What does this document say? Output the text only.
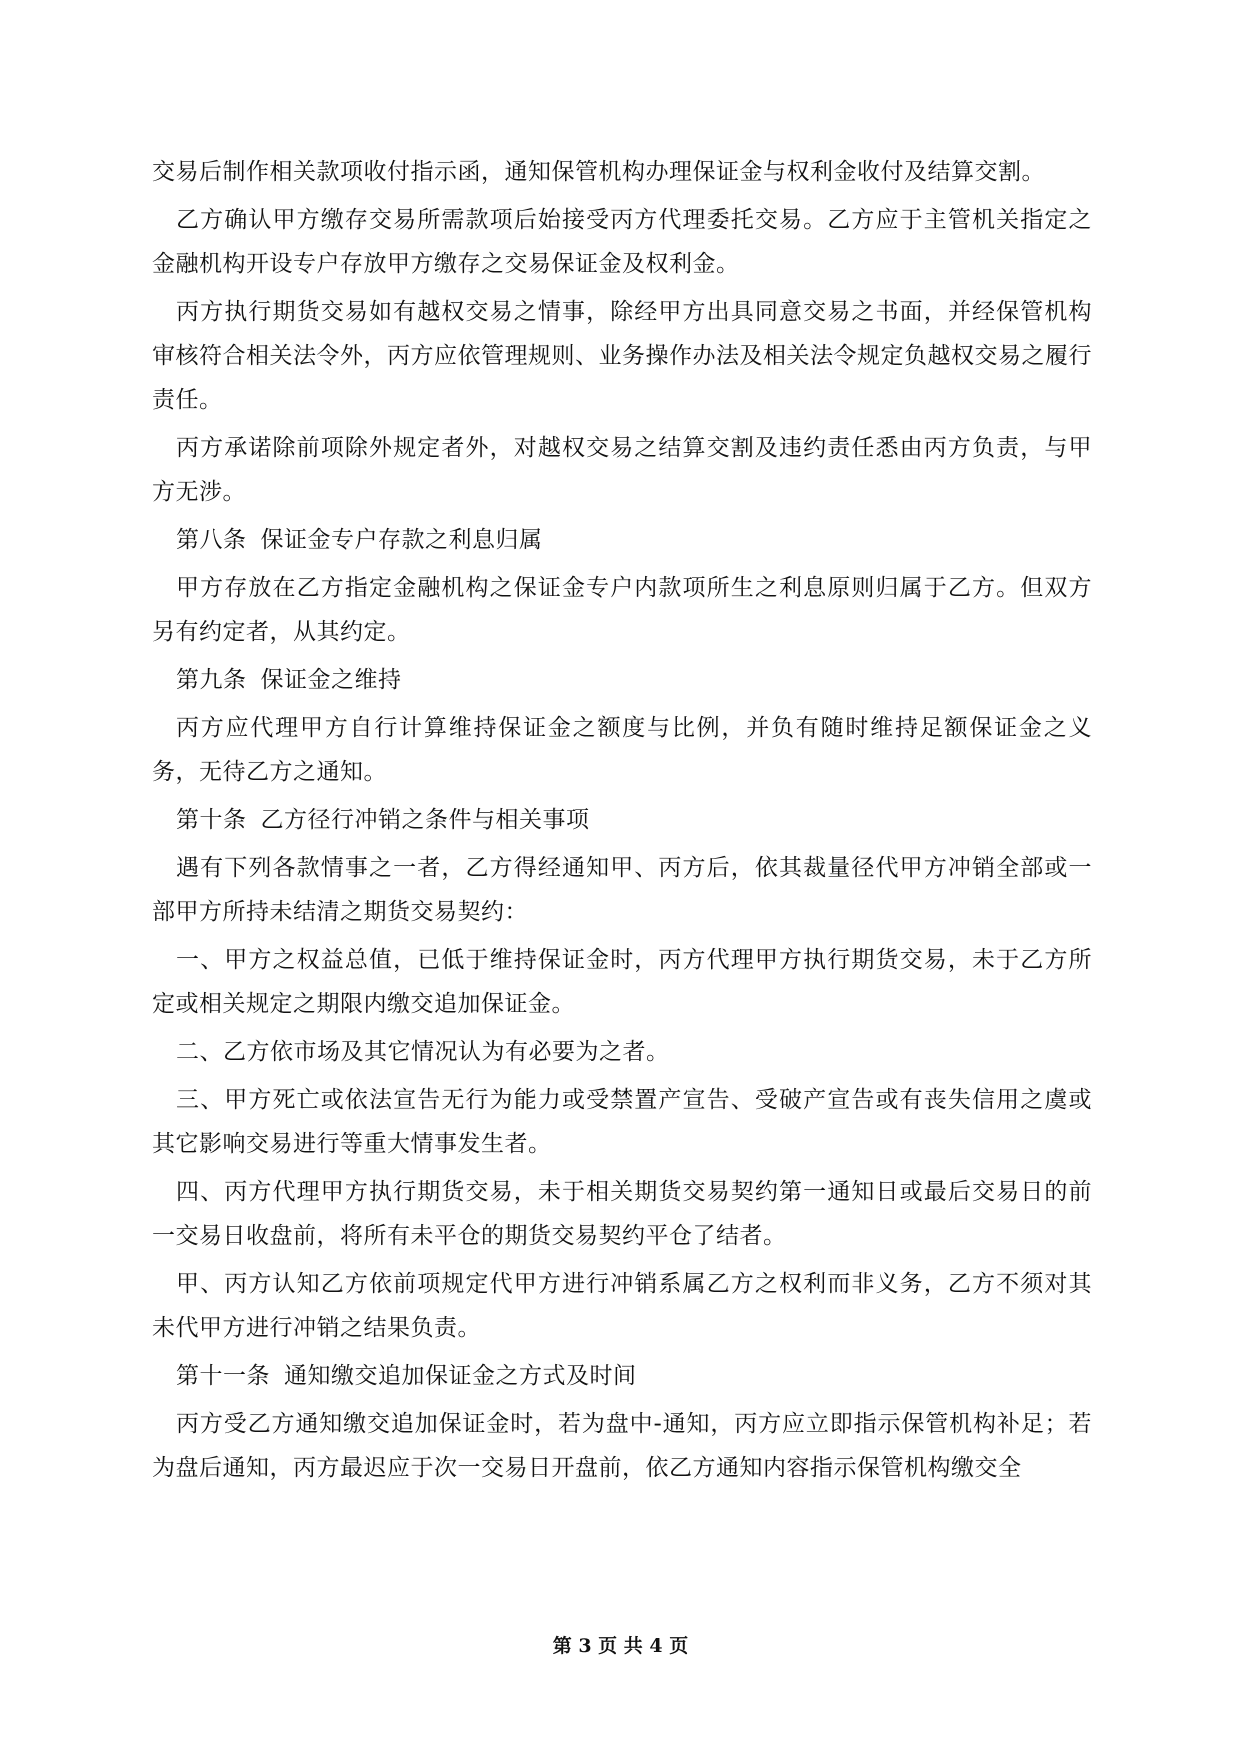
交易后制作相关款项收付指示函，通知保管机构办理保证金与权利金收付及结算交割。

乙方确认甲方缴存交易所需款项后始接受丙方代理委托交易。乙方应于主管机关指定之金融机构开设专户存放甲方缴存之交易保证金及权利金。

丙方执行期货交易如有越权交易之情事，除经甲方出具同意交易之书面，并经保管机构审核符合相关法令外，丙方应依管理规则、业务操作办法及相关法令规定负越权交易之履行责任。

丙方承诺除前项除外规定者外，对越权交易之结算交割及违约责任悉由丙方负责，与甲方无涉。

第八条 保证金专户存款之利息归属

甲方存放在乙方指定金融机构之保证金专户内款项所生之利息原则归属于乙方。但双方另有约定者，从其约定。

第九条 保证金之维持

丙方应代理甲方自行计算维持保证金之额度与比例，并负有随时维持足额保证金之义务，无待乙方之通知。

第十条 乙方径行冲销之条件与相关事项

遇有下列各款情事之一者，乙方得经通知甲、丙方后，依其裁量径代甲方冲销全部或一部甲方所持未结清之期货交易契约：

一、甲方之权益总值，已低于维持保证金时，丙方代理甲方执行期货交易，未于乙方所定或相关规定之期限内缴交追加保证金。

二、乙方依市场及其它情况认为有必要为之者。

三、甲方死亡或依法宣告无行为能力或受禁置产宣告、受破产宣告或有丧失信用之虞或其它影响交易进行等重大情事发生者。

四、丙方代理甲方执行期货交易，未于相关期货交易契约第一通知日或最后交易日的前一交易日收盘前，将所有未平仓的期货交易契约平仓了结者。

甲、丙方认知乙方依前项规定代甲方进行冲销系属乙方之权利而非义务，乙方不须对其未代甲方进行冲销之结果负责。

第十一条 通知缴交追加保证金之方式及时间

丙方受乙方通知缴交追加保证金时，若为盘中-通知，丙方应立即指示保管机构补足；若为盘后通知，丙方最迟应于次一交易日开盘前，依乙方通知内容指示保管机构缴交全

第 3 页 共 4 页
